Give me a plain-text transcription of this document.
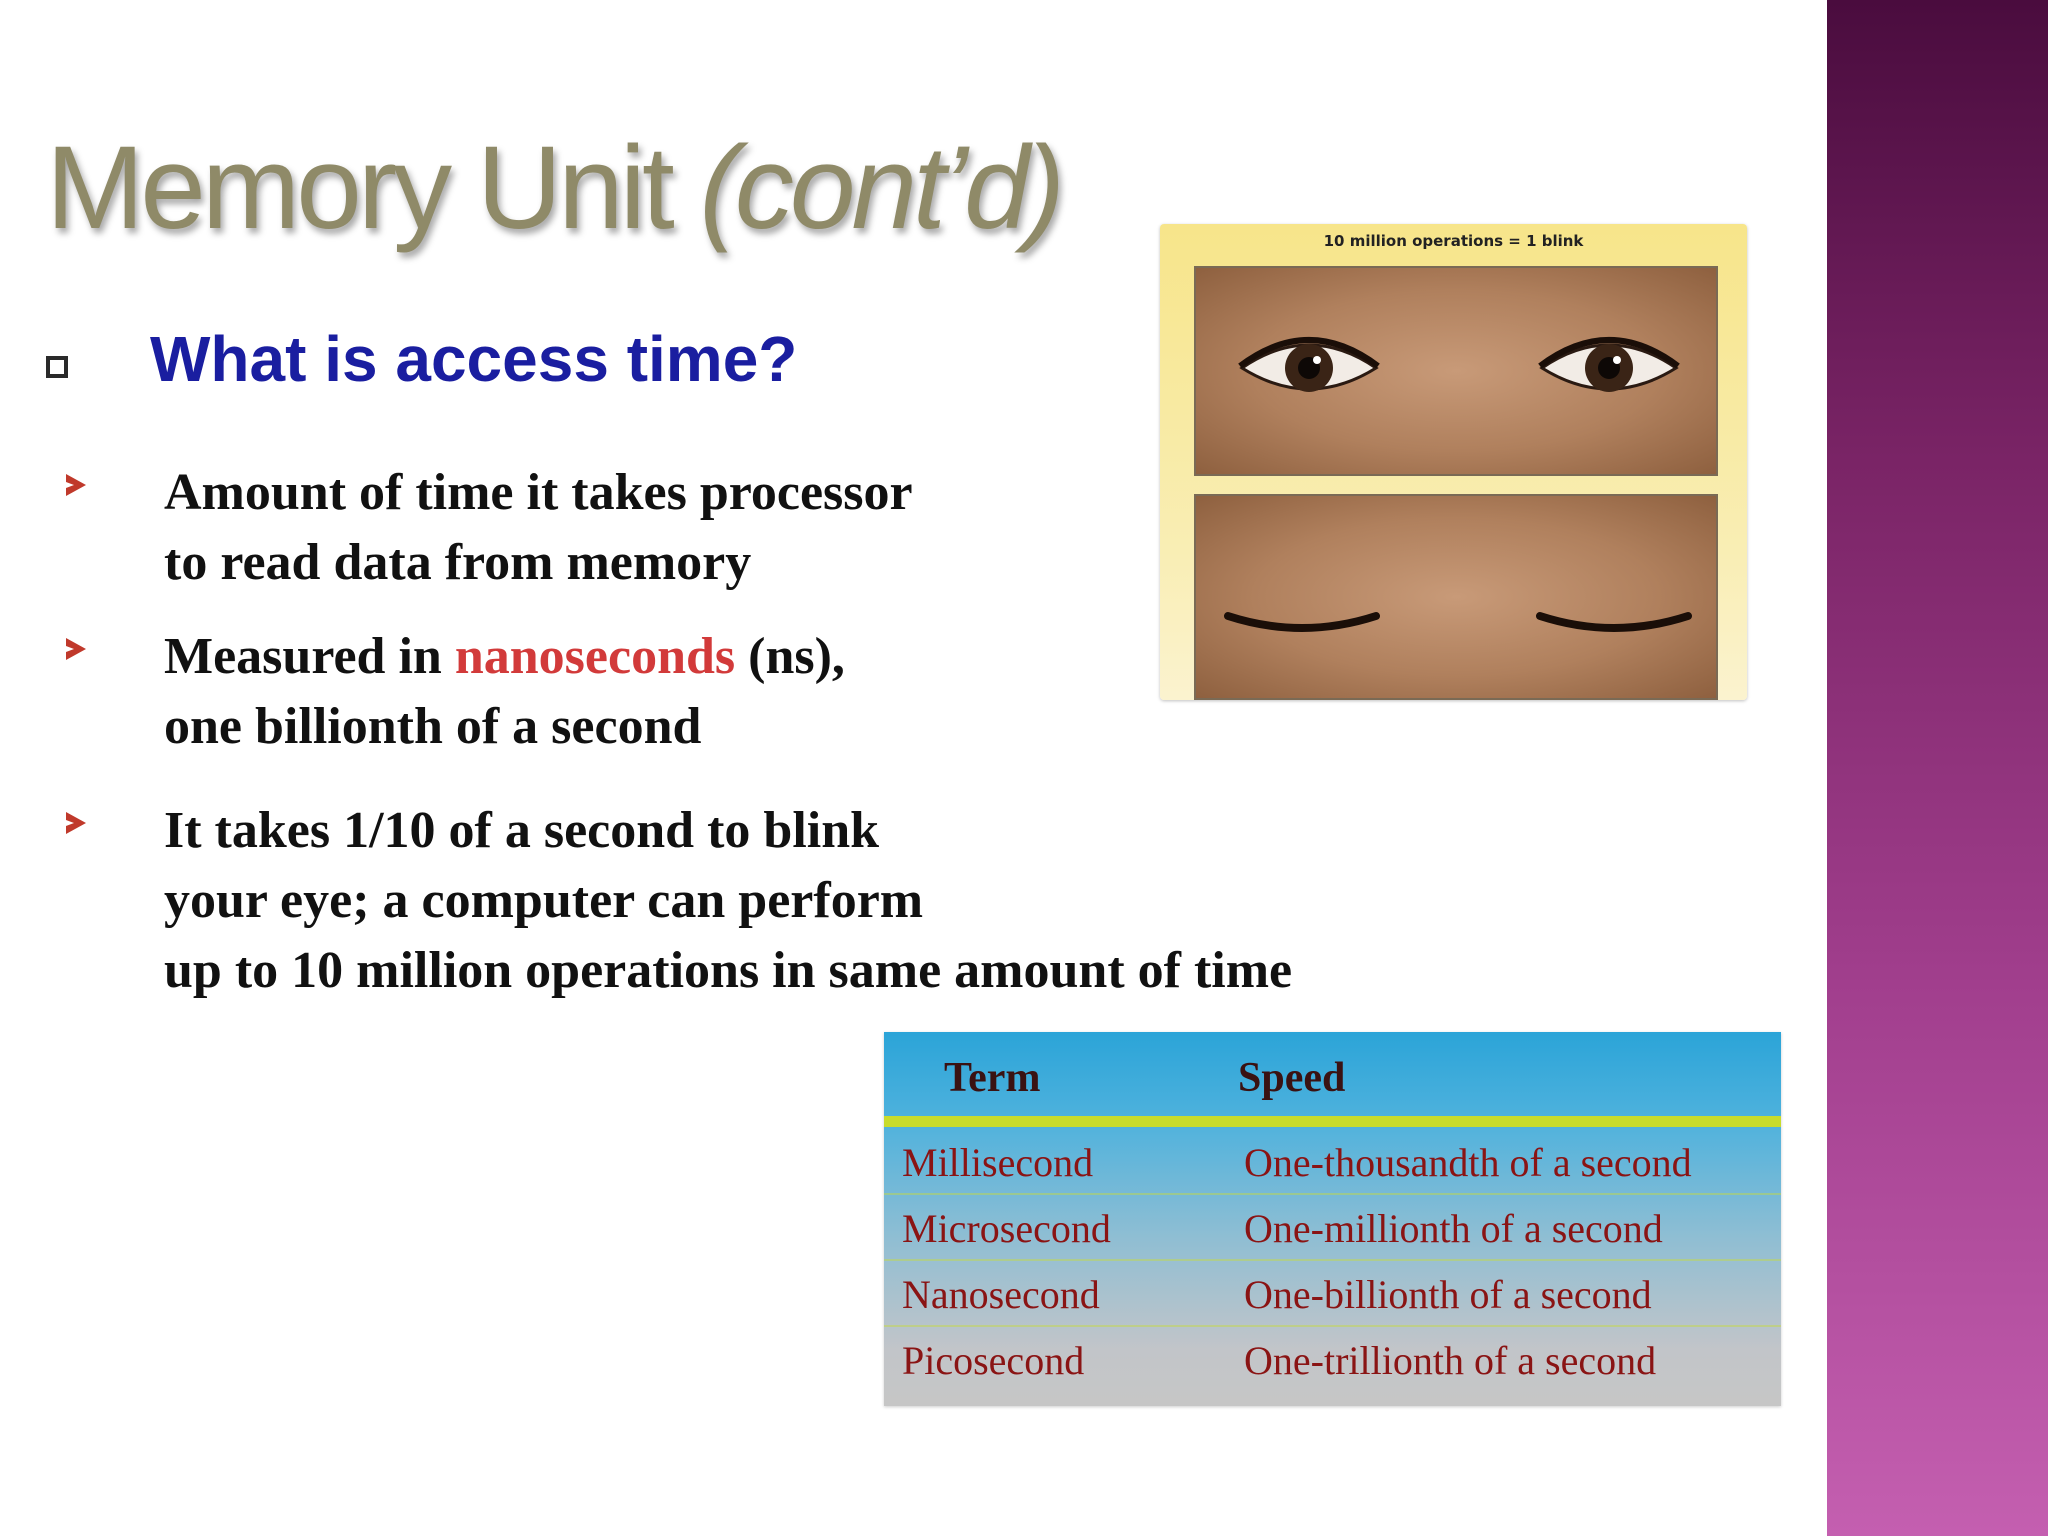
Memory Unit (cont’d)
What is access time?
Amount of time it takes processor
to read data from memory
Measured in nanoseconds (ns),
one billionth of a second
It takes 1/10 of a second to blink
your eye; a computer can perform
up to 10 million operations in same amount of time
10 million operations = 1 blink
Term	Speed
Millisecond	One-thousandth of a second
Microsecond	One-millionth of a second
Nanosecond	One-billionth of a second
Picosecond	One-trillionth of a second
